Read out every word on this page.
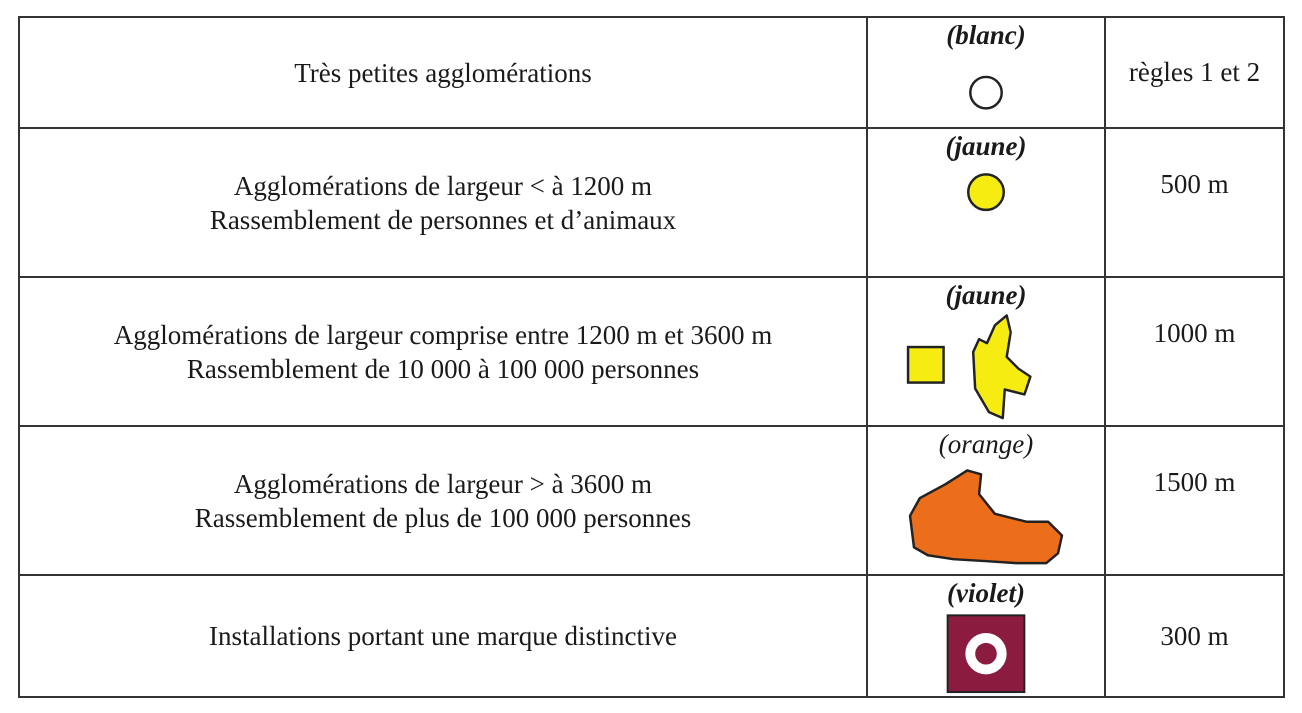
Très petites agglomérations	(blanc)	règles 1 et 2

Agglomérations de largeur < à 1200 m
Rassemblement de personnes et d’animaux	(jaune)	500 m

Agglomérations de largeur comprise entre 1200 m et 3600 m
Rassemblement de 10 000 à 100 000 personnes	(jaune)	1000 m

Agglomérations de largeur > à 3600 m
Rassemblement de plus de 100 000 personnes	(orange)	1500 m

Installations portant une marque distinctive	(violet)	300 m
